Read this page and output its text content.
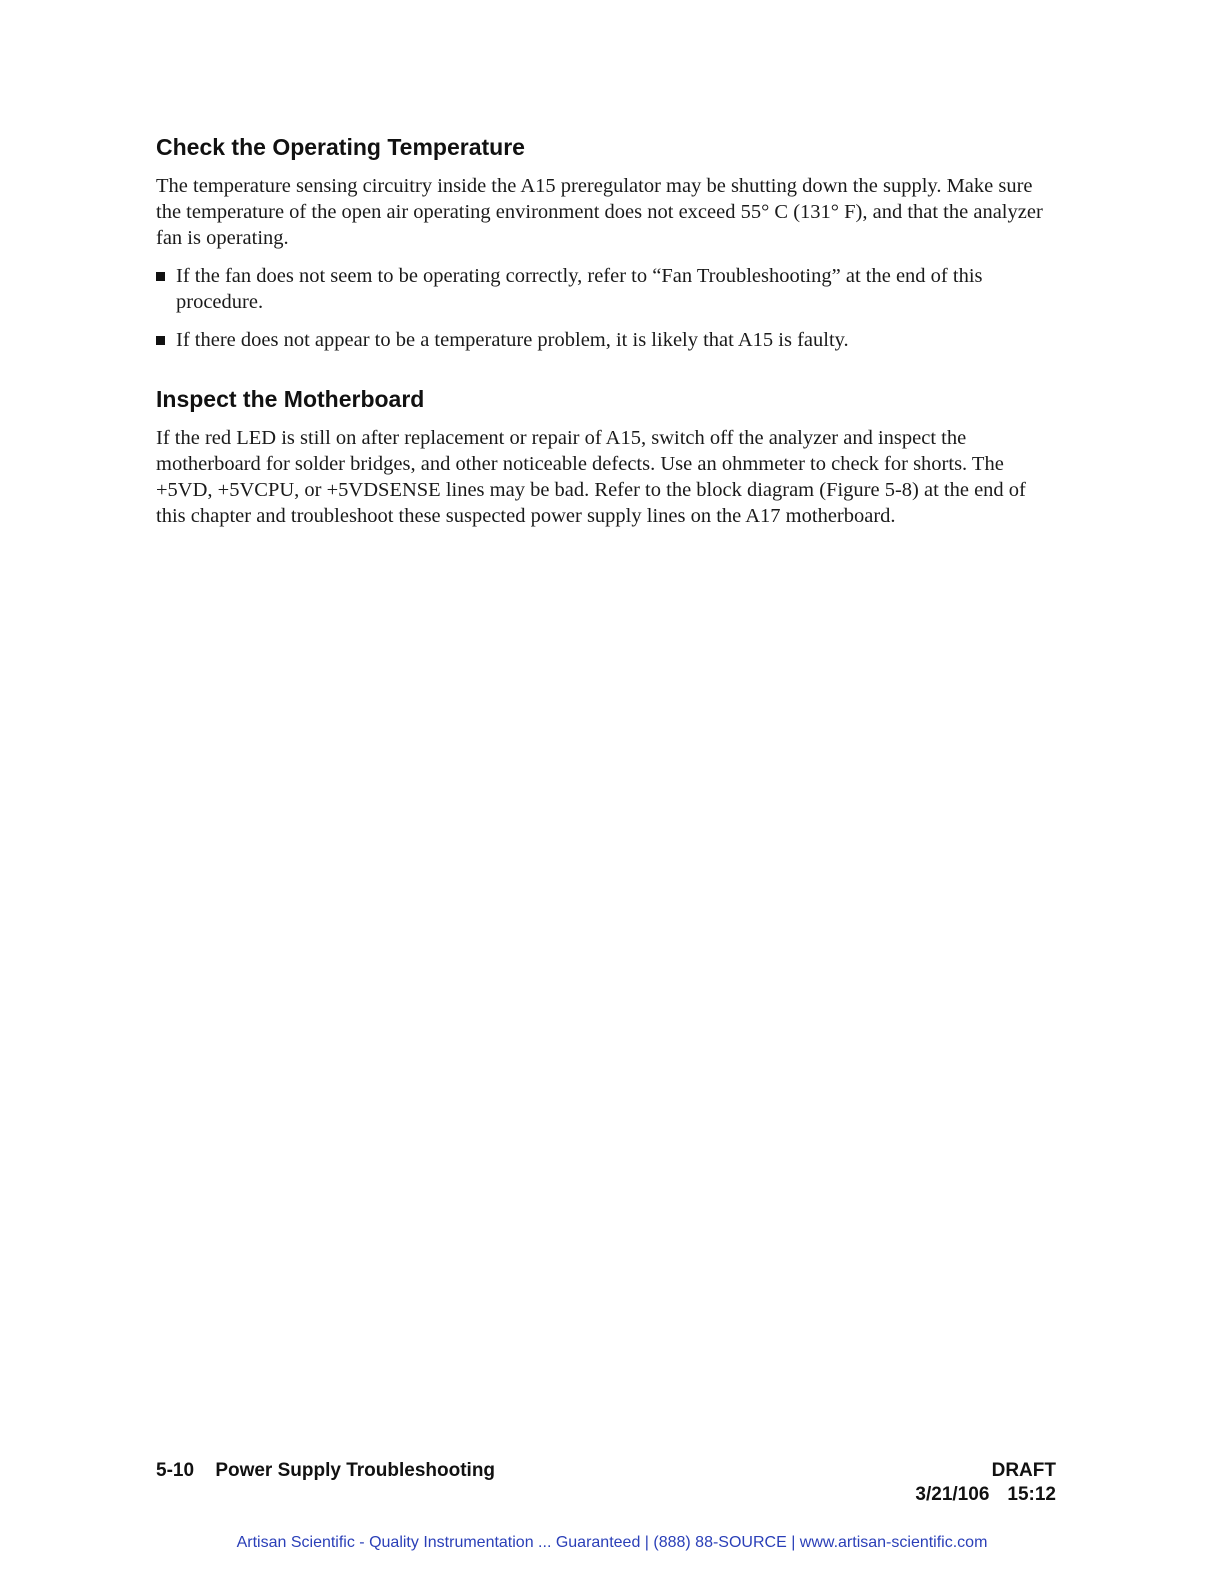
Check the Operating Temperature

The temperature sensing circuitry inside the A15 preregulator may be shutting down the supply. Make sure the temperature of the open air operating environment does not exceed 55° C (131° F), and that the analyzer fan is operating.

If the fan does not seem to be operating correctly, refer to “Fan Troubleshooting” at the end of this procedure.
If there does not appear to be a temperature problem, it is likely that A15 is faulty.
Inspect the Motherboard

If the red LED is still on after replacement or repair of A15, switch off the analyzer and inspect the motherboard for solder bridges, and other noticeable defects. Use an ohmmeter to check for shorts. The +5VD, +5VCPU, or +5VDSENSE lines may be bad. Refer to the block diagram (Figure 5-8) at the end of this chapter and troubleshoot these suspected power supply lines on the A17 motherboard.

5-10 Power Supply Troubleshooting	DRAFT
3/21/106 15:12
Artisan Scientific - Quality Instrumentation ... Guaranteed | (888) 88-SOURCE | www.artisan-scientific.com
